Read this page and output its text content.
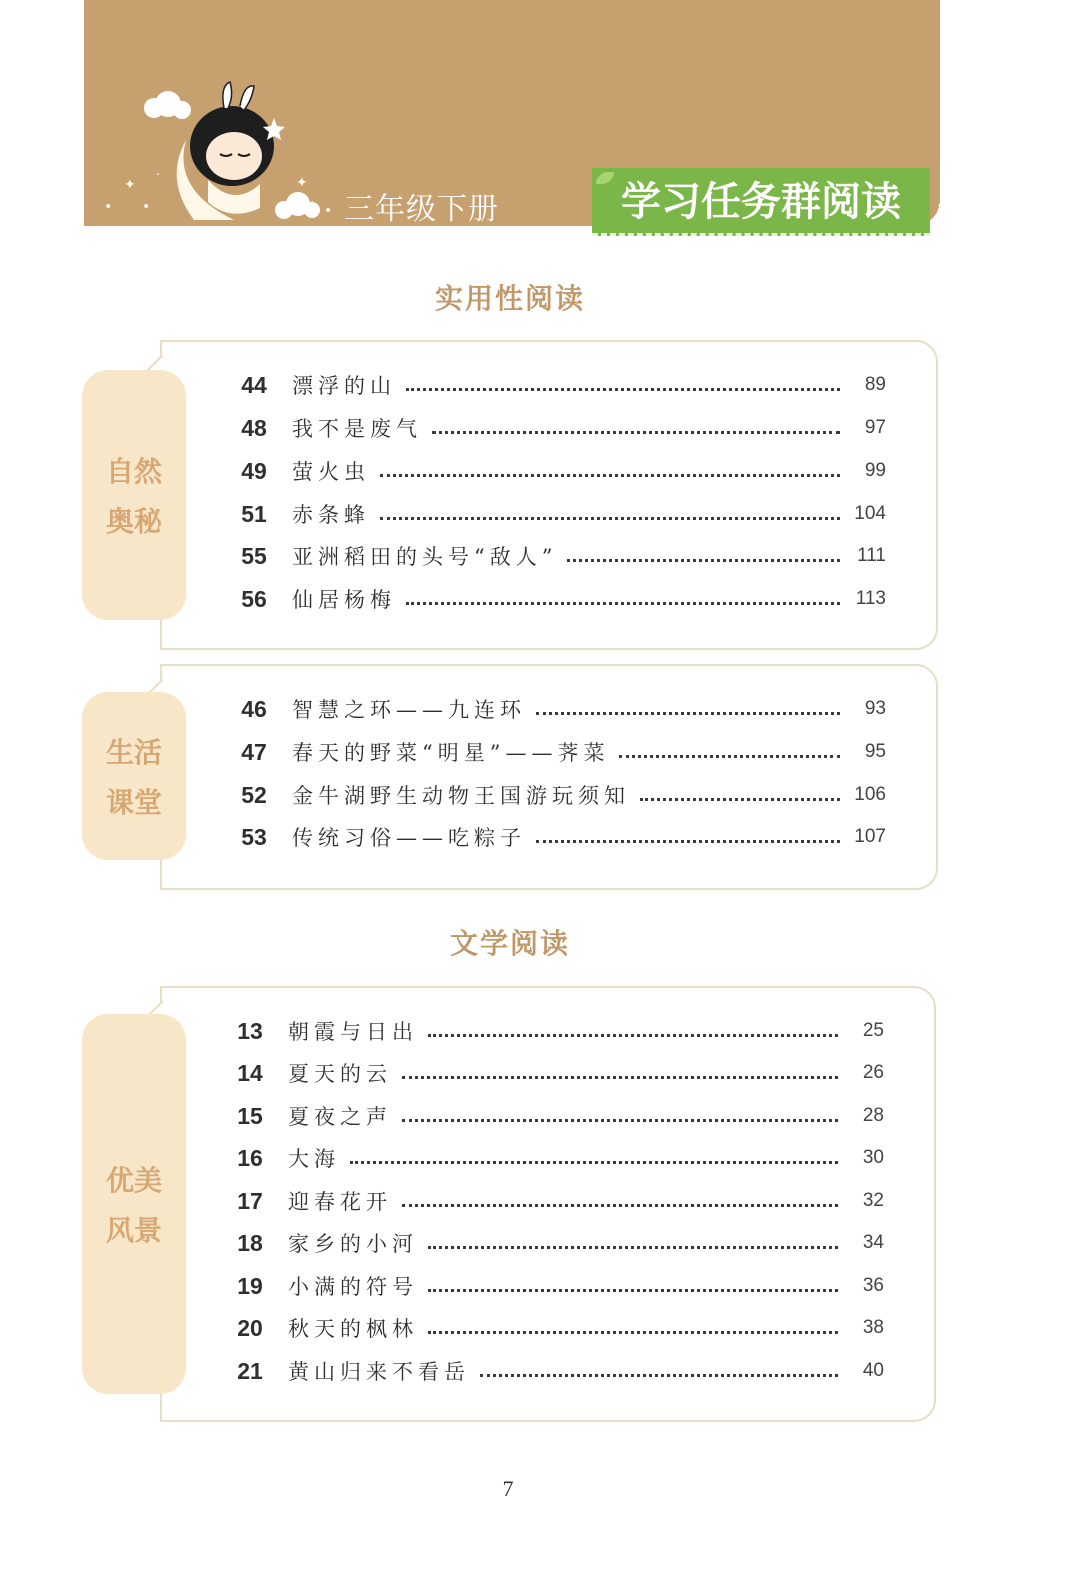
•
✦
•
·	✦
· • 三年级下册	学习任务群阅读	索引
实用性阅读
自然
奥秘
44	漂浮的山	89
48	我不是废气	97
49	萤火虫	99
51	赤条蜂	104
55	亚洲稻田的头号“敌人”	111
56	仙居杨梅	113
生活
课堂
46	智慧之环——九连环	93
47	春天的野菜“明星”——荠菜	95
52	金牛湖野生动物王国游玩须知	106
53	传统习俗——吃粽子	107
文学阅读
优美
风景
13	朝霞与日出	25
14	夏天的云	26
15	夏夜之声	28
16	大海	30
17	迎春花开	32
18	家乡的小河	34
19	小满的符号	36
20	秋天的枫林	38
21	黄山归来不看岳	40
7
